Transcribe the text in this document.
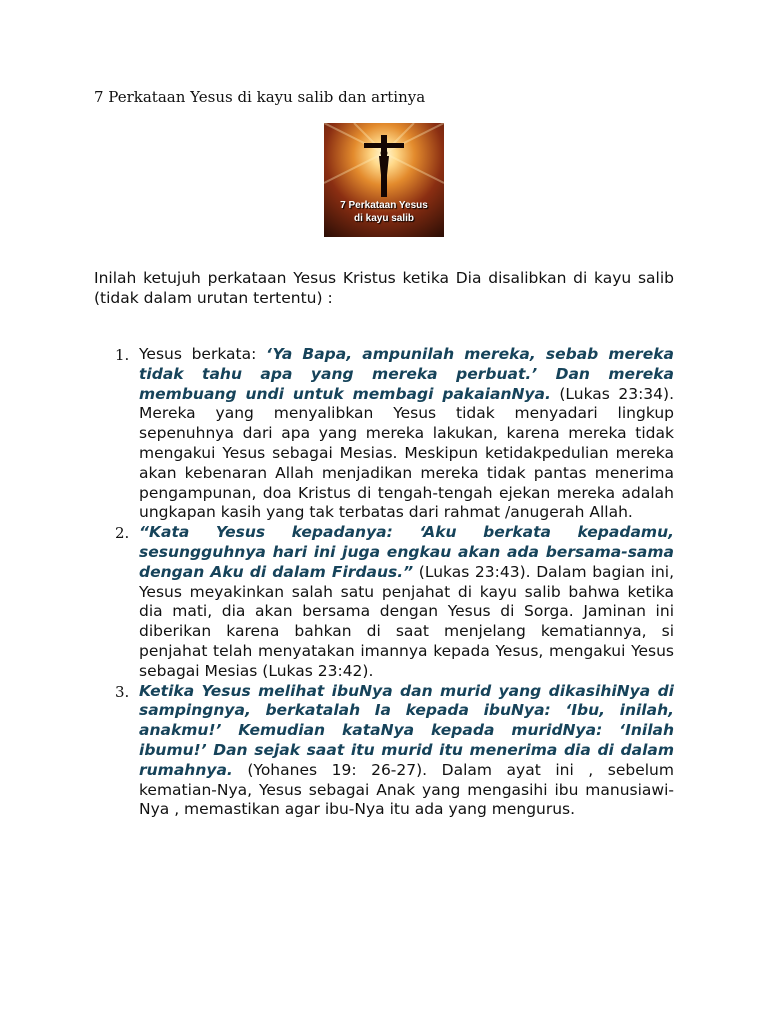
7 Perkataan Yesus di kayu salib dan artinya
7 Perkataan Yesus
di kayu salib

Inilah ketujuh perkataan Yesus Kristus ketika Dia disalibkan di kayu salib (tidak dalam urutan tertentu) :

1. Yesus berkata: ‘Ya Bapa, ampunilah mereka, sebab mereka tidak tahu apa yang mereka perbuat.’ Dan mereka membuang undi untuk membagi pakaianNya. (Lukas 23:34). Mereka yang menyalibkan Yesus tidak menyadari lingkup sepenuhnya dari apa yang mereka lakukan, karena mereka tidak mengakui Yesus sebagai Mesias. Meskipun ketidakpedulian mereka akan kebenaran Allah menjadikan mereka tidak pantas menerima pengampunan, doa Kristus di tengah-tengah ejekan mereka adalah ungkapan kasih yang tak terbatas dari rahmat /anugerah Allah.

2. “Kata Yesus kepadanya: ‘Aku berkata kepadamu, sesungguhnya hari ini juga engkau akan ada bersama-sama dengan Aku di dalam Firdaus.” (Lukas 23:43). Dalam bagian ini, Yesus meyakinkan salah satu penjahat di kayu salib bahwa ketika dia mati, dia akan bersama dengan Yesus di Sorga. Jaminan ini diberikan karena bahkan di saat menjelang kematiannya, si penjahat telah menyatakan imannya kepada Yesus, mengakui Yesus sebagai Mesias (Lukas 23:42).

3. Ketika Yesus melihat ibuNya dan murid yang dikasihiNya di sampingnya, berkatalah Ia kepada ibuNya: ‘Ibu, inilah, anakmu!’ Kemudian kataNya kepada muridNya: ‘Inilah ibumu!’ Dan sejak saat itu murid itu menerima dia di dalam rumahnya. (Yohanes 19: 26-27). Dalam ayat ini , sebelum kematian-Nya, Yesus sebagai Anak yang mengasihi ibu manusiawi-Nya , memastikan agar ibu-Nya itu ada yang mengurus.
